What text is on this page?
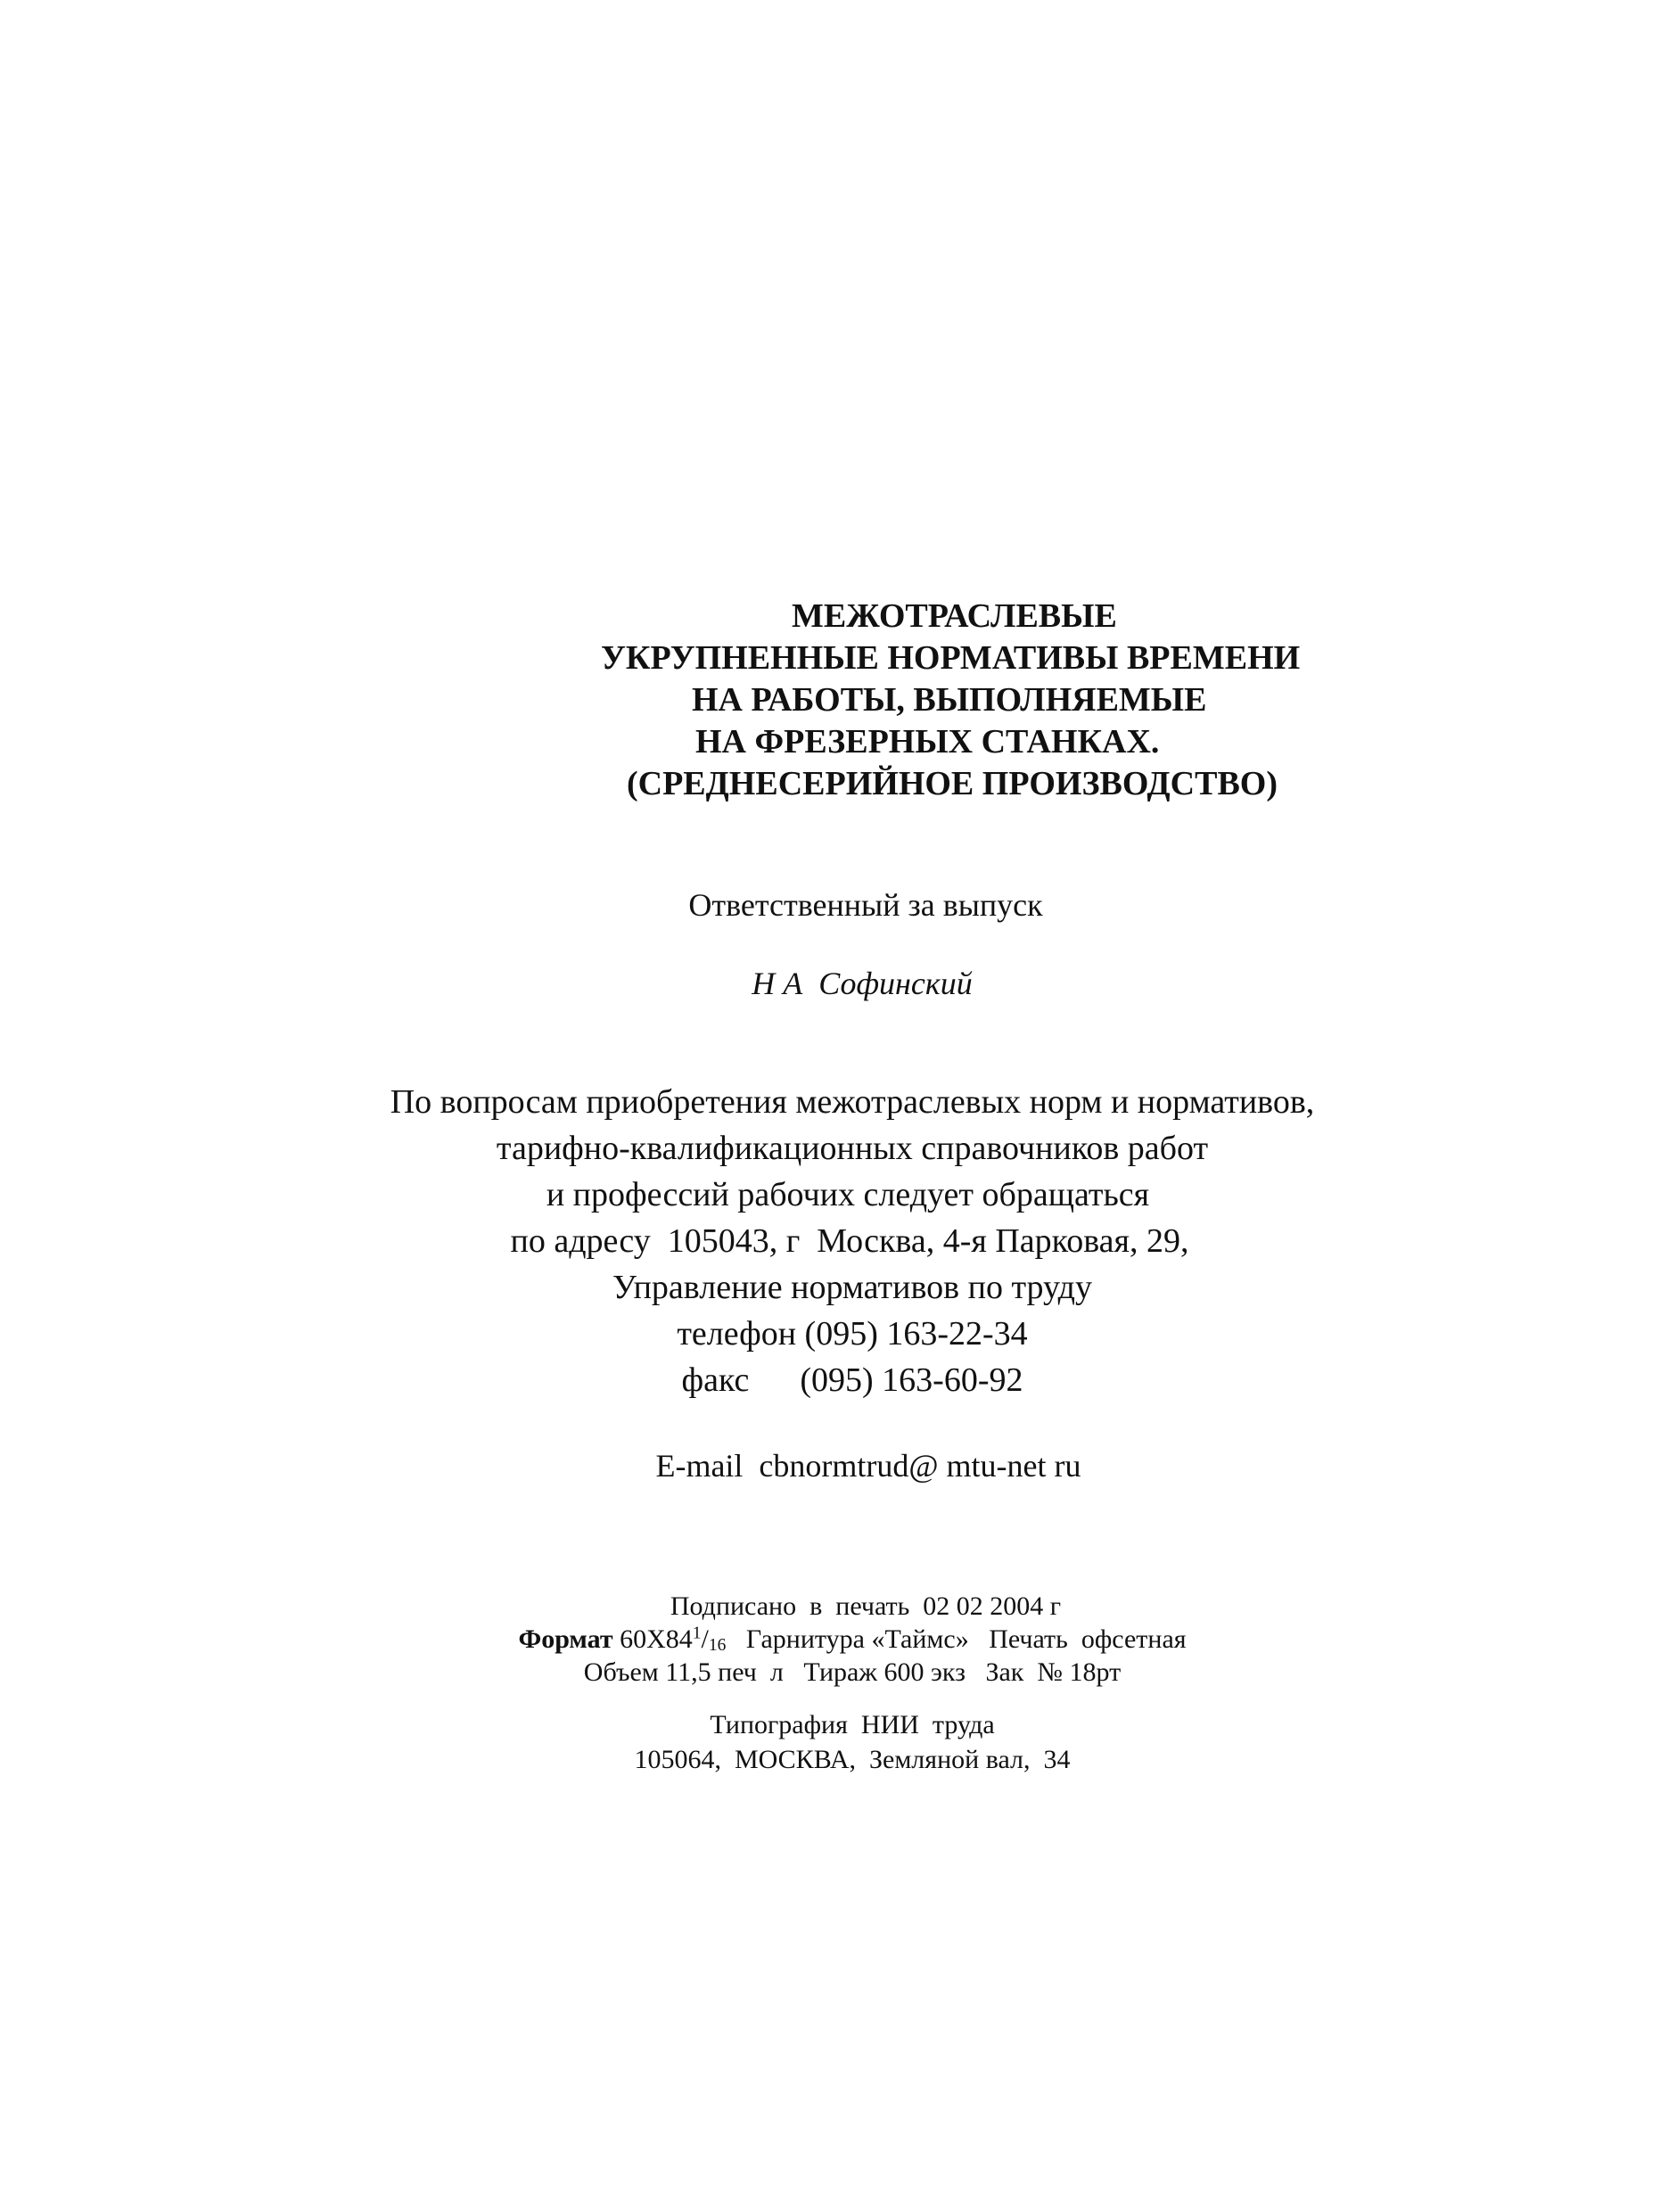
МЕЖОТРАСЛЕВЫЕ
УКРУПНЕННЫЕ НОРМАТИВЫ ВРЕМЕНИ
НА РАБОТЫ, ВЫПОЛНЯЕМЫЕ
НА ФРЕЗЕРНЫХ СТАНКАХ.
(СРЕДНЕСЕРИЙНОЕ ПРОИЗВОДСТВО)
Ответственный за выпуск
Н А  Софинский
По вопросам приобретения межотраслевых норм и нормативов,
тарифно-квалификационных справочников работ
и профессий рабочих следует обращаться
по адресу  105043, г  Москва, 4-я Парковая, 29,
Управление нормативов по труду
телефон (095) 163-22-34
факс      (095) 163-60-92
E-mail  cbnormtrud@ mtu-net ru
Подписано  в  печать  02 02 2004 г
Формат $60Х84^1/_{16}$ Гарнитура «Таймс»   Печать  офсетная
Объем 11,5 печ  л   Тираж 600 экз   Зак  № 18рт
Типография  НИИ  труда
105064,  МОСКВА,  Земляной вал,  34
